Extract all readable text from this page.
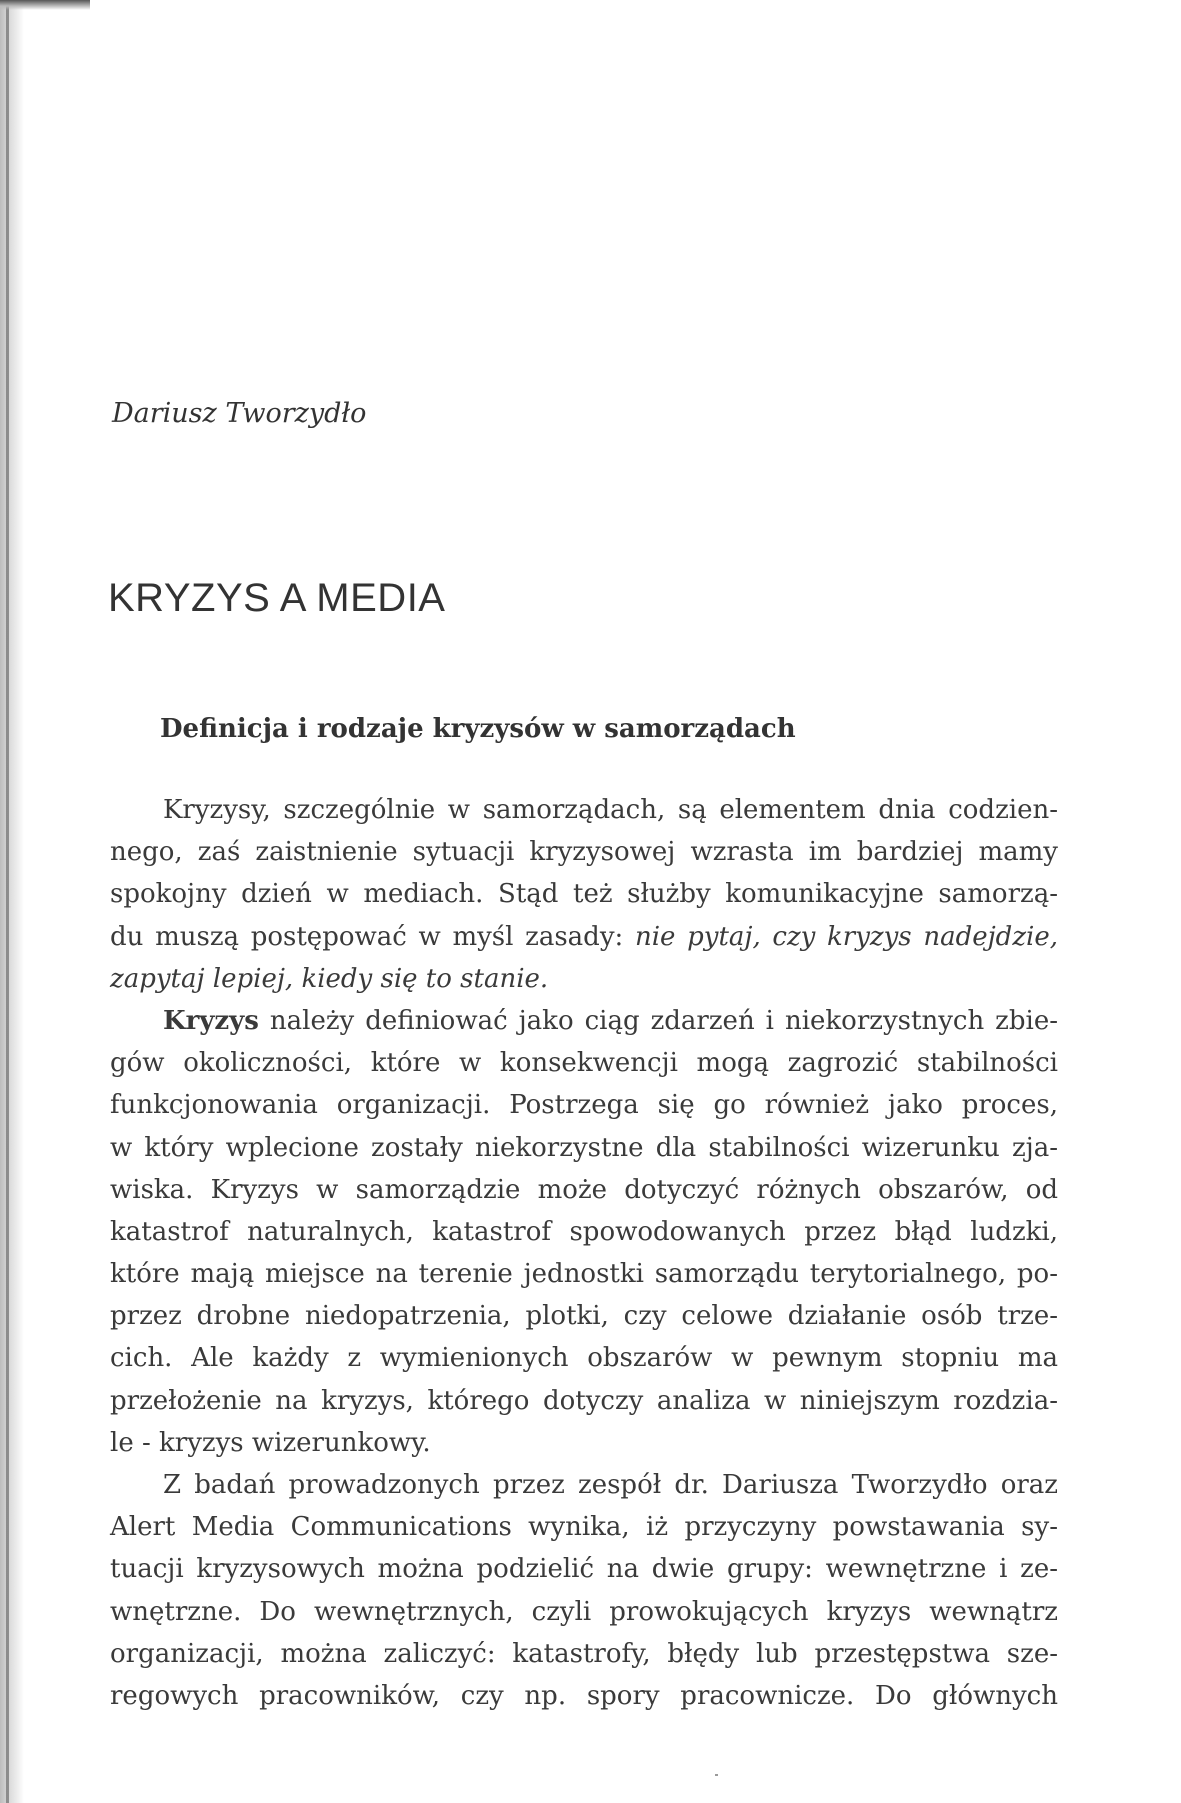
Dariusz Tworzydło
KRYZYS A MEDIA
Definicja i rodzaje kryzysów w samorządach
Kryzysy, szczególnie w samorządach, są elementem dnia codzien-
nego, zaś zaistnienie sytuacji kryzysowej wzrasta im bardziej mamy
spokojny dzień w mediach. Stąd też służby komunikacyjne samorzą-
du muszą postępować w myśl zasady: nie pytaj, czy kryzys nadejdzie,
zapytaj lepiej, kiedy się to stanie.
Kryzys należy definiować jako ciąg zdarzeń i niekorzystnych zbie-
gów okoliczności, które w konsekwencji mogą zagrozić stabilności
funkcjonowania organizacji. Postrzega się go również jako proces,
w który wplecione zostały niekorzystne dla stabilności wizerunku zja-
wiska. Kryzys w samorządzie może dotyczyć różnych obszarów, od
katastrof naturalnych, katastrof spowodowanych przez błąd ludzki,
które mają miejsce na terenie jednostki samorządu terytorialnego, po-
przez drobne niedopatrzenia, plotki, czy celowe działanie osób trze-
cich. Ale każdy z wymienionych obszarów w pewnym stopniu ma
przełożenie na kryzys, którego dotyczy analiza w niniejszym rozdzia-
le - kryzys wizerunkowy.
Z badań prowadzonych przez zespół dr. Dariusza Tworzydło oraz
Alert Media Communications wynika, iż przyczyny powstawania sy-
tuacji kryzysowych można podzielić na dwie grupy: wewnętrzne i ze-
wnętrzne. Do wewnętrznych, czyli prowokujących kryzys wewnątrz
organizacji, można zaliczyć: katastrofy, błędy lub przestępstwa sze-
regowych pracowników, czy np. spory pracownicze. Do głównych
